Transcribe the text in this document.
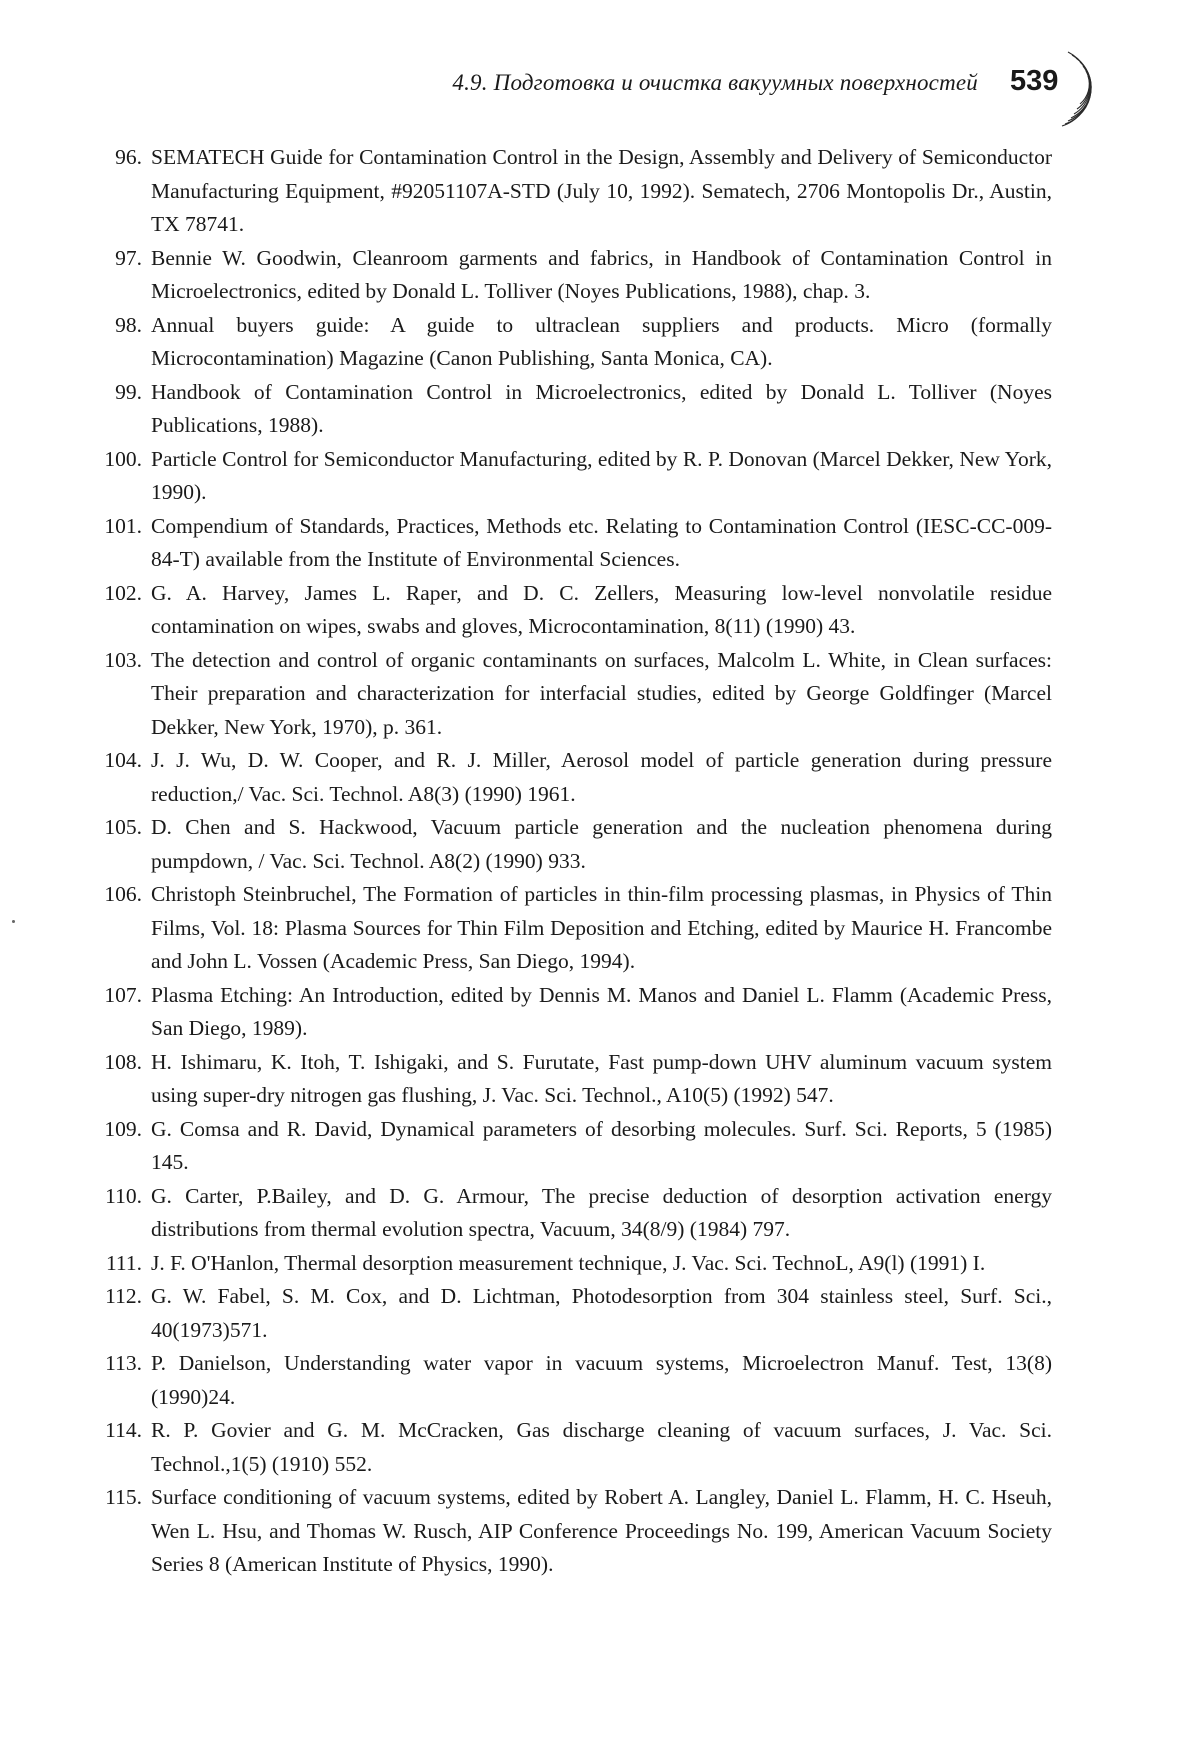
4.9. Подготовка и очистка вакуумных поверхностей 539
96. SEMATECH Guide for Contamination Control in the Design, Assembly and Delivery of Semiconductor Manufacturing Equipment, #92051107A-STD (July 10, 1992). Sematech, 2706 Montopolis Dr., Austin, TX 78741.
97. Bennie W. Goodwin, Cleanroom garments and fabrics, in Handbook of Contamination Control in Microelectronics, edited by Donald L. Tolliver (Noyes Publications, 1988), chap. 3.
98. Annual buyers guide: A guide to ultraclean suppliers and products. Micro (formally Microcontamination) Magazine (Canon Publishing, Santa Monica, CA).
99. Handbook of Contamination Control in Microelectronics, edited by Donald L. Tolliver (Noyes Publications, 1988).
100. Particle Control for Semiconductor Manufacturing, edited by R. P. Donovan (Marcel Dekker, New York, 1990).
101. Compendium of Standards, Practices, Methods etc. Relating to Contamination Control (IESC-CC-009-84-T) available from the Institute of Environmental Sciences.
102. G. A. Harvey, James L. Raper, and D. C. Zellers, Measuring low-level nonvolatile residue contamination on wipes, swabs and gloves, Microcontamination, 8(11) (1990) 43.
103. The detection and control of organic contaminants on surfaces, Malcolm L. White, in Clean surfaces: Their preparation and characterization for interfacial studies, edited by George Goldfinger (Marcel Dekker, New York, 1970), p. 361.
104. J. J. Wu, D. W. Cooper, and R. J. Miller, Aerosol model of particle generation during pressure reduction,/ Vac. Sci. Technol. A8(3) (1990) 1961.
105. D. Chen and S. Hackwood, Vacuum particle generation and the nucleation phenomena during pumpdown, / Vac. Sci. Technol. A8(2) (1990) 933.
106. Christoph Steinbruchel, The Formation of particles in thin-film processing plasmas, in Physics of Thin Films, Vol. 18: Plasma Sources for Thin Film Deposition and Etching, edited by Maurice H. Francombe and John L. Vossen (Academic Press, San Diego, 1994).
107. Plasma Etching: An Introduction, edited by Dennis M. Manos and Daniel L. Flamm (Academic Press, San Diego, 1989).
108. H. Ishimaru, K. Itoh, T. Ishigaki, and S. Furutate, Fast pump-down UHV aluminum vacuum system using super-dry nitrogen gas flushing, J. Vac. Sci. Technol., A10(5) (1992) 547.
109. G. Comsa and R. David, Dynamical parameters of desorbing molecules. Surf. Sci. Reports, 5 (1985) 145.
110. G. Carter, P.Bailey, and D. G. Armour, The precise deduction of desorption activation energy distributions from thermal evolution spectra, Vacuum, 34(8/9) (1984) 797.
111. J. F. O'Hanlon, Thermal desorption measurement technique, J. Vac. Sci. TechnoL, A9(l) (1991) I.
112. G. W. Fabel, S. M. Cox, and D. Lichtman, Photodesorption from 304 stainless steel, Surf. Sci., 40(1973)571.
113. P. Danielson, Understanding water vapor in vacuum systems, Microelectron Manuf. Test, 13(8) (1990)24.
114. R. P. Govier and G. M. McCracken, Gas discharge cleaning of vacuum surfaces, J. Vac. Sci. Technol.,1(5) (1910) 552.
115. Surface conditioning of vacuum systems, edited by Robert A. Langley, Daniel L. Flamm, H. C. Hseuh, Wen L. Hsu, and Thomas W. Rusch, AIP Conference Proceedings No. 199, American Vacuum Society Series 8 (American Institute of Physics, 1990).
